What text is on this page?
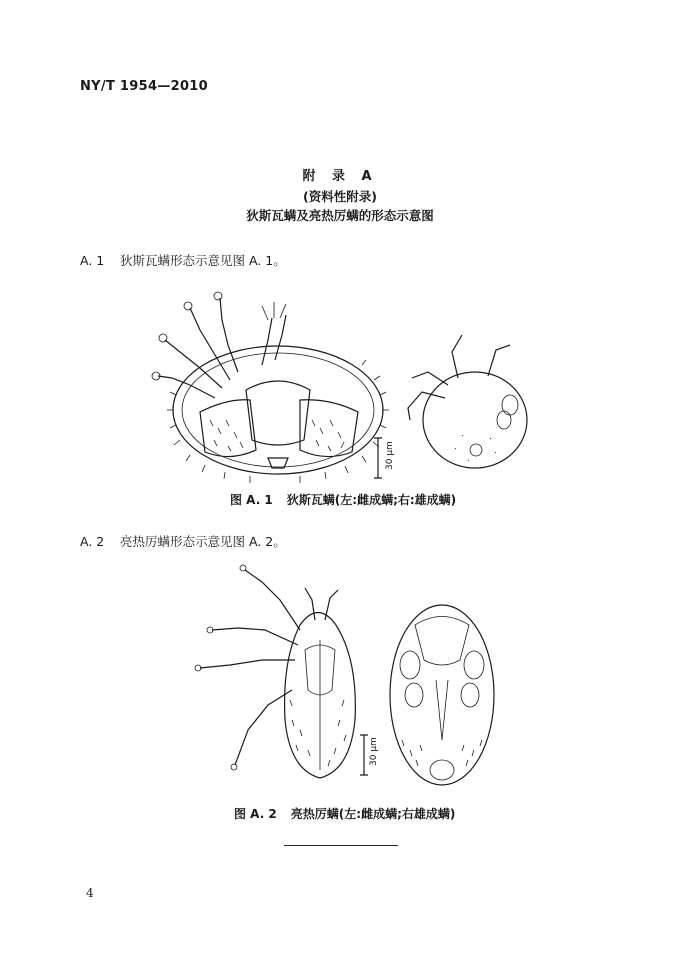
NY/T 1954—2010
附 录 A
(资料性附录)
狄斯瓦螨及亮热厉螨的形态示意图
A. 1 狄斯瓦螨形态示意见图 A. 1。
30 μm
30 μm
图 A. 1 狄斯瓦螨(左:雌成螨;右:雄成螨)
A. 2 亮热厉螨形态示意见图 A. 2。
图 A. 2 亮热厉螨(左:雌成螨;右雄成螨)
4
